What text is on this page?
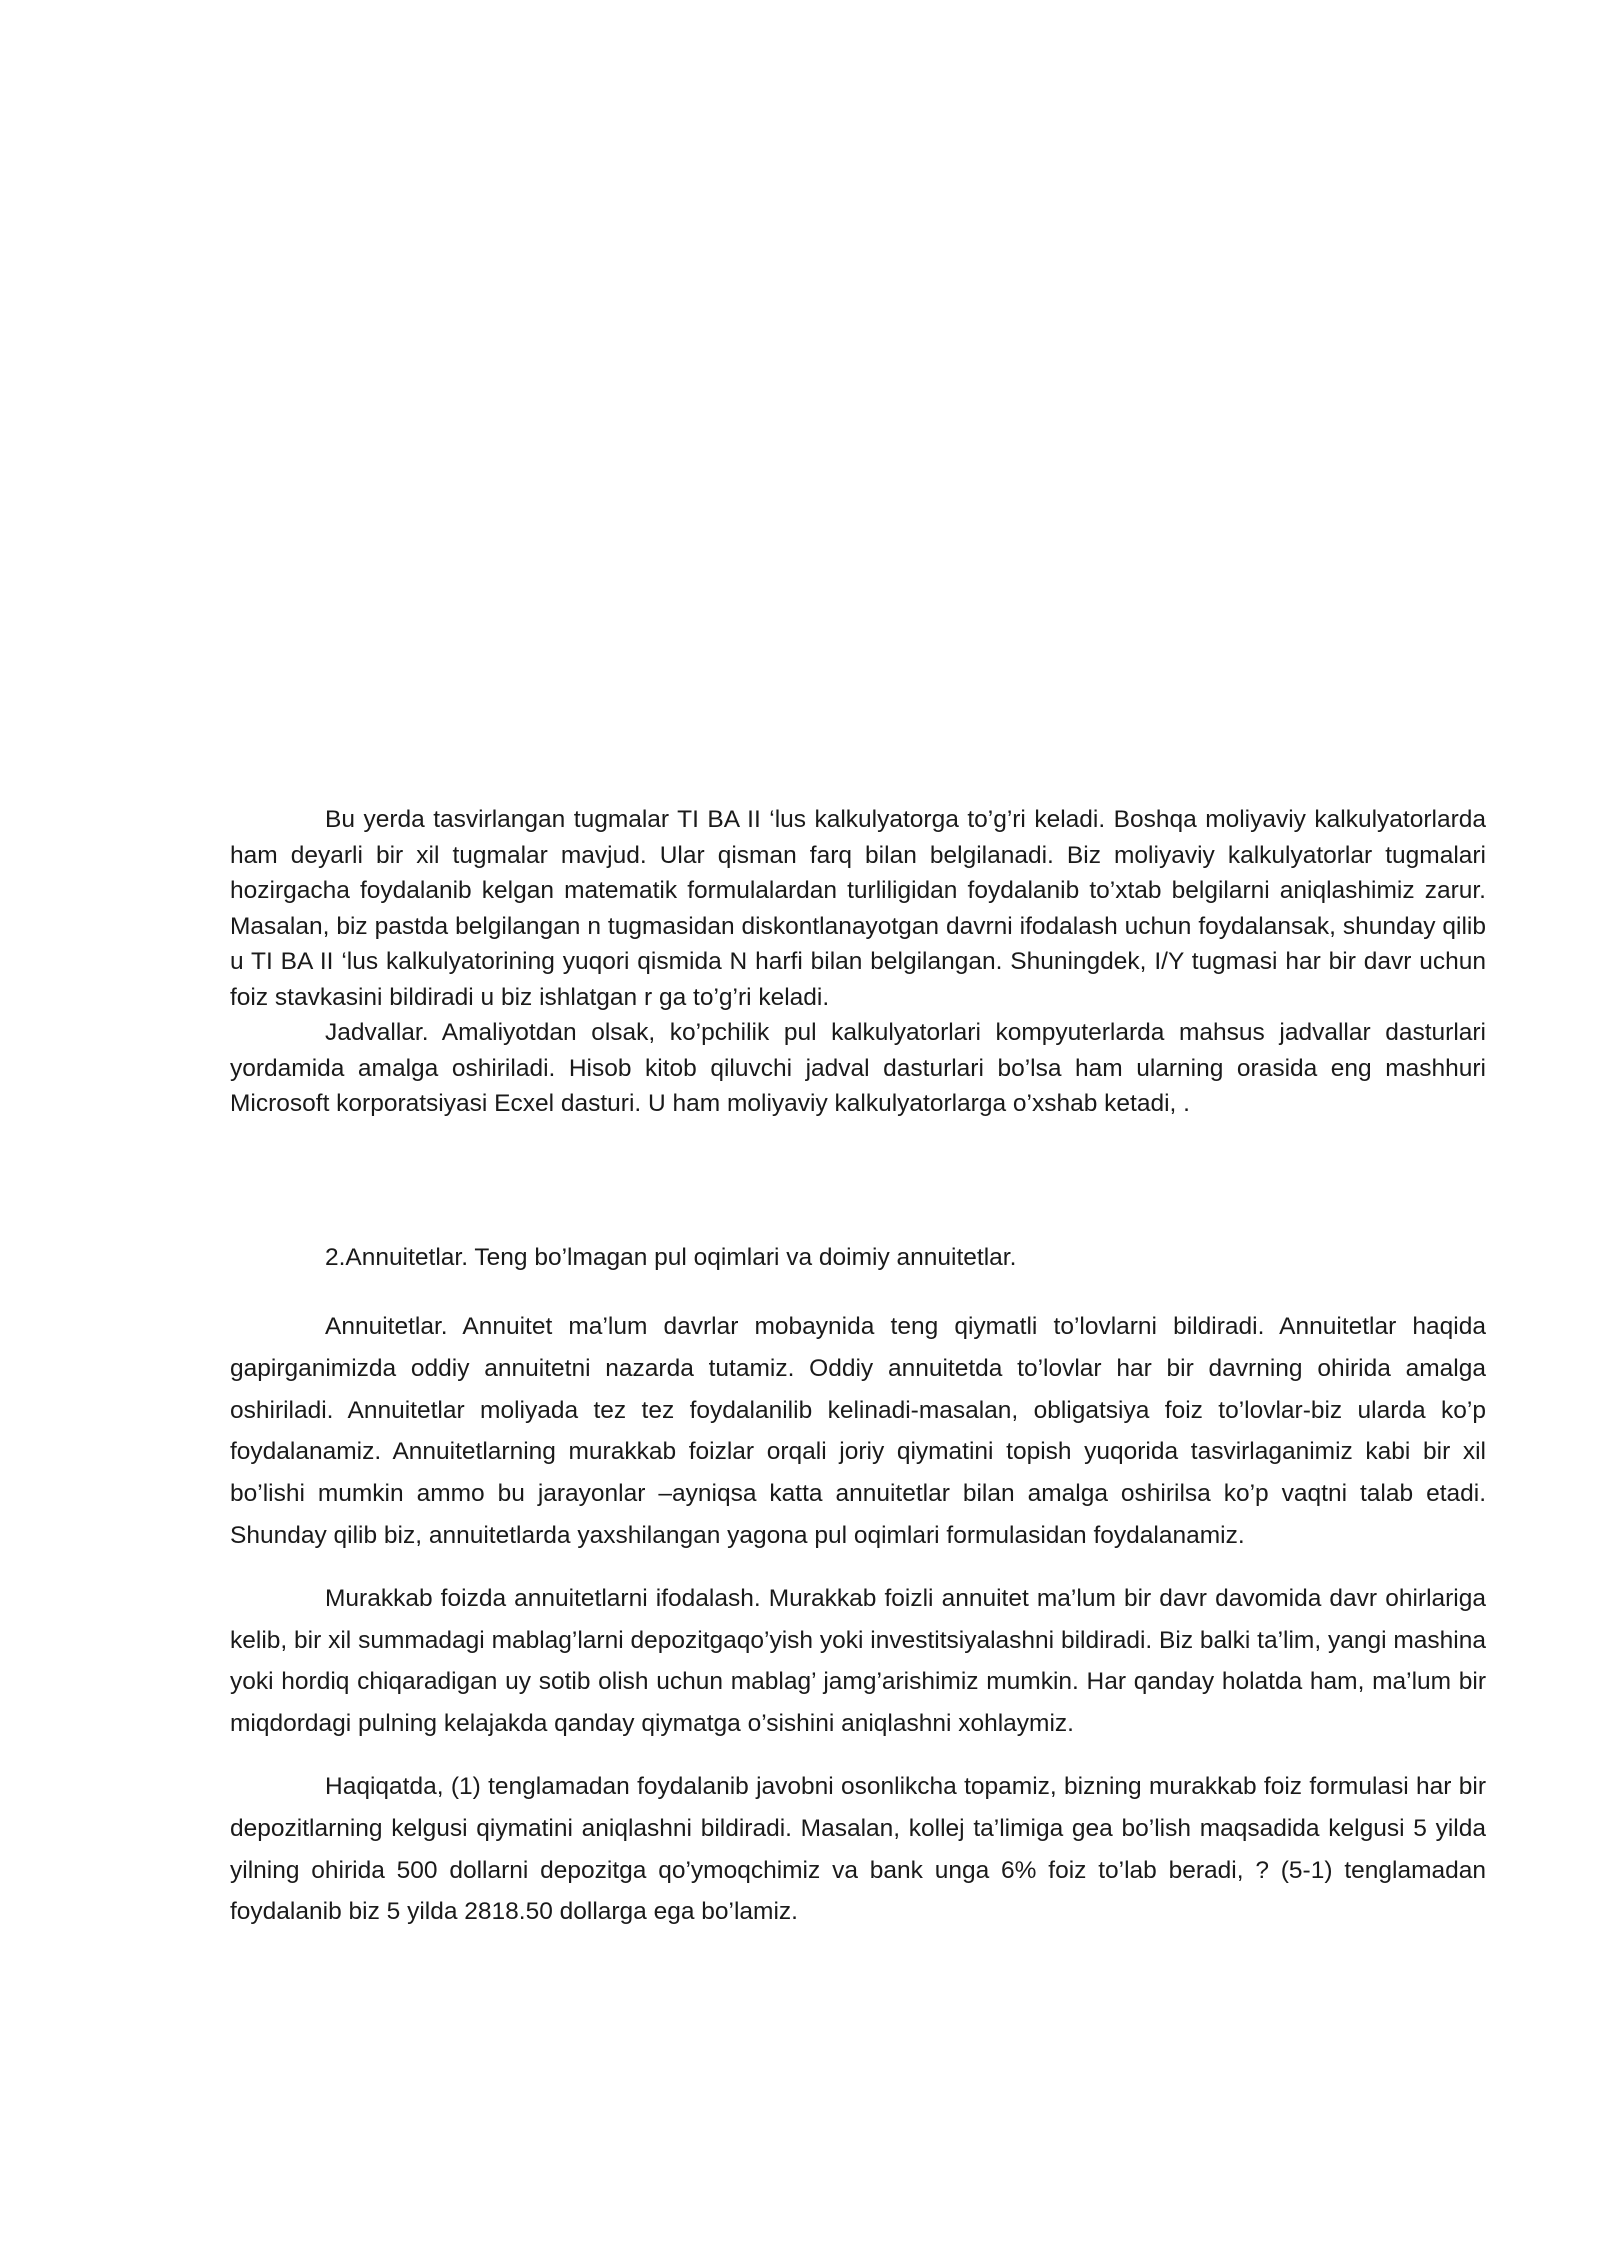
Bu yerda tasvirlangan tugmalar TI BA II ‘lus kalkulyatorga to’g’ri keladi. Boshqa moliyaviy kalkulyatorlarda ham deyarli bir xil tugmalar mavjud. Ular qisman farq bilan belgilanadi. Biz moliyaviy kalkulyatorlar tugmalari hozirgacha foydalanib kelgan matematik formulalardan turliligidan foydalanib to’xtab belgilarni aniqlashimiz zarur. Masalan, biz pastda belgilangan n tugmasidan diskontlanayotgan davrni ifodalash uchun foydalansak, shunday qilib u TI BA II ‘lus kalkulyatorining yuqori qismida N harfi bilan belgilangan. Shuningdek, I/Y tugmasi har bir davr uchun foiz stavkasini bildiradi u biz ishlatgan r ga to’g’ri keladi.

Jadvallar. Amaliyotdan olsak, ko’pchilik pul kalkulyatorlari kompyuterlarda mahsus jadvallar dasturlari yordamida amalga oshiriladi. Hisob kitob qiluvchi jadval dasturlari bo’lsa ham ularning orasida eng mashhuri Microsoft korporatsiyasi Ecxel dasturi. U ham moliyaviy kalkulyatorlarga o’xshab ketadi, .

2.Annuitetlar. Teng bo’lmagan pul oqimlari va doimiy annuitetlar.

Annuitetlar. Annuitet ma’lum davrlar mobaynida teng qiymatli to’lovlarni bildiradi. Annuitetlar haqida gapirganimizda oddiy annuitetni nazarda tutamiz. Oddiy annuitetda to’lovlar har bir davrning ohirida amalga oshiriladi. Annuitetlar moliyada tez tez foydalanilib kelinadi-masalan, obligatsiya foiz to’lovlar-biz ularda ko’p foydalanamiz. Annuitetlarning murakkab foizlar orqali joriy qiymatini topish yuqorida tasvirlaganimiz kabi bir xil bo’lishi mumkin ammo bu jarayonlar –ayniqsa katta annuitetlar bilan amalga oshirilsa ko’p vaqtni talab etadi. Shunday qilib biz, annuitetlarda yaxshilangan yagona pul oqimlari formulasidan foydalanamiz.

Murakkab foizda annuitetlarni ifodalash. Murakkab foizli annuitet ma’lum bir davr davomida davr ohirlariga kelib, bir xil summadagi mablag’larni depozitgaqo’yish yoki investitsiyalashni bildiradi. Biz balki ta’lim, yangi mashina yoki hordiq chiqaradigan uy sotib olish uchun mablag’ jamg’arishimiz mumkin. Har qanday holatda ham, ma’lum bir miqdordagi pulning kelajakda qanday qiymatga o’sishini aniqlashni xohlaymiz.

Haqiqatda, (1) tenglamadan foydalanib javobni osonlikcha topamiz, bizning murakkab foiz formulasi har bir depozitlarning kelgusi qiymatini aniqlashni bildiradi. Masalan, kollej ta’limiga gea bo’lish maqsadida kelgusi 5 yilda yilning ohirida 500 dollarni depozitga qo’ymoqchimiz va bank unga 6% foiz to’lab beradi, ? (5-1) tenglamadan foydalanib biz 5 yilda 2818.50 dollarga ega bo’lamiz.
